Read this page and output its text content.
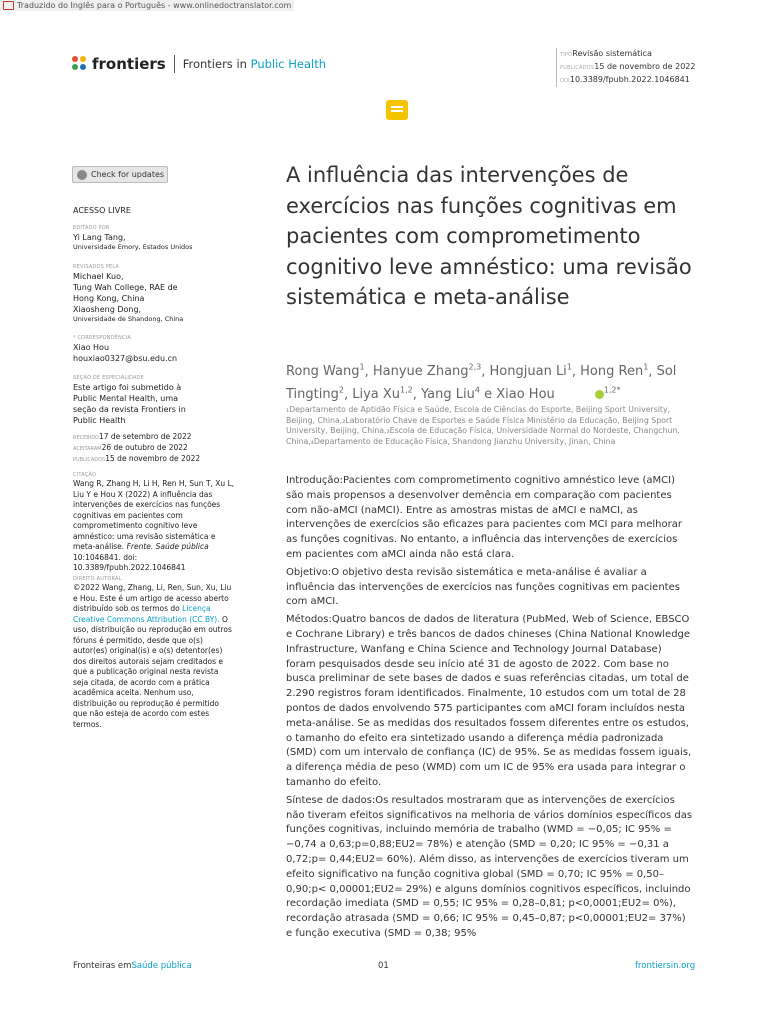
Traduzido do Inglês para o Português - www.onlinedoctranslator.com
frontiers Frontiers in Public Health
TIPORevisão sistemática
PUBLICADOS15 de novembro de 2022
DOI10.3389/fpubh.2022.1046841
Check for updates
ACESSO LIVRE
EDITADO POR
Yi Lang Tang,
Universidade Emory, Estados Unidos
REVISADOS PELA
Michael Kuo,
Tung Wah College, RAE de Hong Kong, China
Xiaosheng Dong,
Universidade de Shandong, China
* CORRESPONDÊNCIA
Xiao Hou
houxiao0327@bsu.edu.cn
SEÇÃO DE ESPECIALIDADE
Este artigo foi submetido à Public Mental Health, uma seção da revista Frontiers in Public Health
RECEBIDO17 de setembro de 2022
ACEITARAM26 de outubro de 2022
PUBLICADOS15 de novembro de 2022
CITAÇÃO
Wang R, Zhang H, Li H, Ren H, Sun T, Xu L, Liu Y e Hou X (2022) A influência das intervenções de exercícios nas funções cognitivas em pacientes com comprometimento cognitivo leve amnéstico: uma revisão sistemática e meta-análise. Frente. Saúde pública 10:1046841. doi: 10.3389/fpubh.2022.1046841
DIREITO AUTORAL
©2022 Wang, Zhang, Li, Ren, Sun, Xu, Liu e Hou. Este é um artigo de acesso aberto distribuído sob os termos do Licença Creative Commons Attribution (CC BY). O uso, distribuição ou reprodução em outros fóruns é permitido, desde que o(s) autor(es) original(is) e o(s) detentor(es) dos direitos autorais sejam creditados e que a publicação original nesta revista seja citada, de acordo com a prática acadêmica aceita. Nenhum uso, distribuição ou reprodução é permitido que não esteja de acordo com estes termos.
A influência das intervenções de exercícios nas funções cognitivas em pacientes com comprometimento cognitivo leve amnéstico: uma revisão sistemática e meta-análise
Rong Wang$^1$, Hanyue Zhang$^{2,3}$, Hongjuan Li$^1$, Hong Ren$^1$, Sol Tingting$^2$, Liya Xu$^{1,2}$, Yang Liu$^4$ e Xiao Hou	$^{1,2*}$
₁Departamento de Aptidão Física e Saúde, Escola de Ciências do Esporte, Beijing Sport University, Beijing, China,₂Laboratório Chave de Esportes e Saúde Física Ministério da Educação, Beijing Sport University, Beijing, China,₃Escola de Educação Física, Universidade Normal do Nordeste, Changchun, China,₄Departamento de Educação Física, Shandong Jianzhu University, Jinan, China

Introdução:Pacientes com comprometimento cognitivo amnéstico leve (aMCI) são mais propensos a desenvolver demência em comparação com pacientes com não-aMCI (naMCI). Entre as amostras mistas de aMCI e naMCI, as intervenções de exercícios são eficazes para pacientes com MCI para melhorar as funções cognitivas. No entanto, a influência das intervenções de exercícios em pacientes com aMCI ainda não está clara.

Objetivo:O objetivo desta revisão sistemática e meta-análise é avaliar a influência das intervenções de exercícios nas funções cognitivas em pacientes com aMCI.

Métodos:Quatro bancos de dados de literatura (PubMed, Web of Science, EBSCO e Cochrane Library) e três bancos de dados chineses (China National Knowledge Infrastructure, Wanfang e China Science and Technology Journal Database) foram pesquisados desde seu início até 31 de agosto de 2022. Com base no busca preliminar de sete bases de dados e suas referências citadas, um total de 2.290 registros foram identificados. Finalmente, 10 estudos com um total de 28 pontos de dados envolvendo 575 participantes com aMCI foram incluídos nesta meta-análise. Se as medidas dos resultados fossem diferentes entre os estudos, o tamanho do efeito era sintetizado usando a diferença média padronizada (SMD) com um intervalo de confiança (IC) de 95%. Se as medidas fossem iguais, a diferença média de peso (WMD) com um IC de 95% era usada para integrar o tamanho do efeito.

Síntese de dados:Os resultados mostraram que as intervenções de exercícios não tiveram efeitos significativos na melhoria de vários domínios específicos das funções cognitivas, incluindo memória de trabalho (WMD = −0,05; IC 95% = −0,74 a 0,63;p=0,88;EU2= 78%) e atenção (SMD = 0,20; IC 95% = −0,31 a 0,72;p= 0,44;EU2= 60%). Além disso, as intervenções de exercícios tiveram um efeito significativo na função cognitiva global (SMD = 0,70; IC 95% = 0,50–0,90;p< 0,00001;EU2= 29%) e alguns domínios cognitivos específicos, incluindo recordação imediata (SMD = 0,55; IC 95% = 0,28–0,81; p<0,0001;EU2= 0%), recordação atrasada (SMD = 0,66; IC 95% = 0,45–0,87; p<0,00001;EU2= 37%) e função executiva (SMD = 0,38; 95%

Fronteiras emSaúde pública	01	frontiersin.org
